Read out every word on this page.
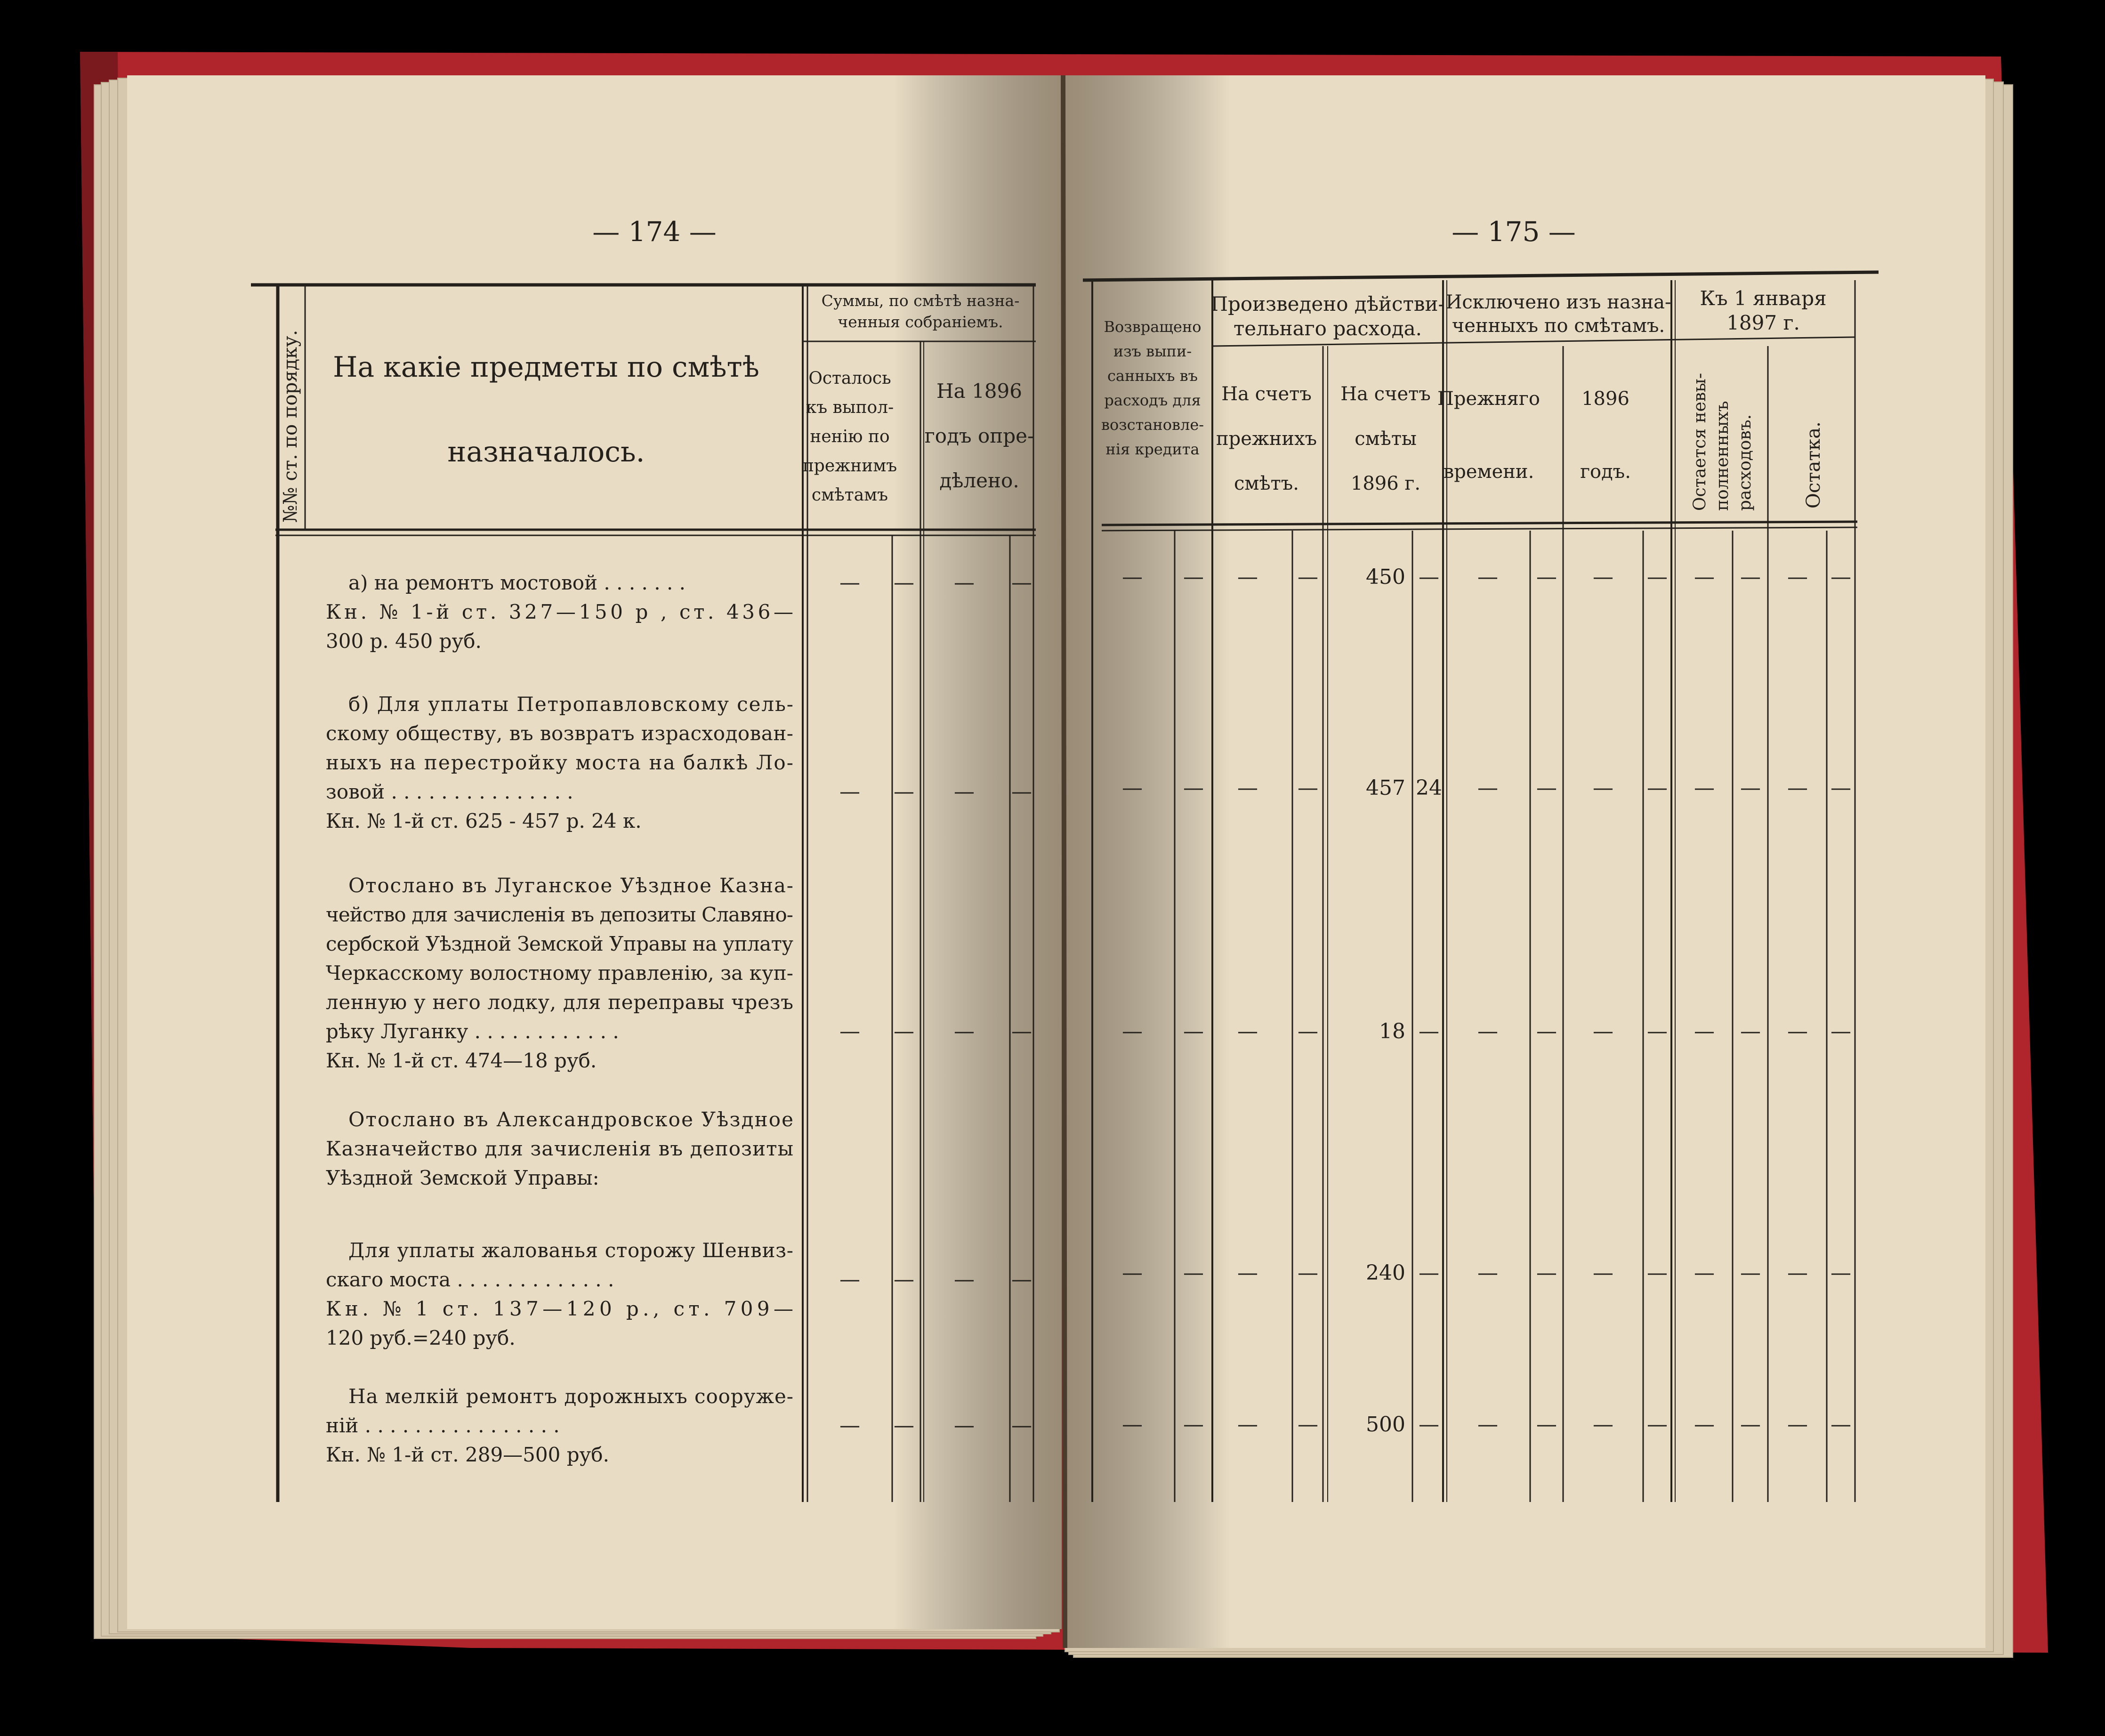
— 174 —
№№ ст. по порядку. На какіе предметы по смѣтѣ
назначалось.
Суммы, по смѣтѣ назна-
ченныя собраніемъ.
Осталось
къ выпол-
ненію по
прежнимъ
смѣтамъ
На 1896
годъ опре-
дѣлено.
а) на ремонтъ мостовой . . . . . . .
Кн. № 1-й ст. 327—150 р , ст. 436—
300 р. 450 руб.
б) Для уплаты Петропавловскому сель-
скому обществу, въ возвратъ израсходован-
ныхъ на перестройку моста на балкѣ Ло-
зовой . . . . . . . . . . . . . . .
Кн. № 1-й ст. 625 - 457 р. 24 к.
Отослано въ Луганское Уѣздное Казна-
чейство для зачисленія въ депозиты Славяно-
сербской Уѣздной Земской Управы на уплату
Черкасскому волостному правленію, за куп-
ленную у него лодку, для переправы чрезъ
рѣку Луганку . . . . . . . . . . . .
Кн. № 1-й ст. 474—18 руб.
Отослано въ Александровское Уѣздное
Казначейство для зачисленія въ депозиты
Уѣздной Земской Управы:
Для уплаты жалованья сторожу Шенвиз-
скаго моста . . . . . . . . . . . . .
Кн. № 1 ст. 137—120 р., ст. 709—
120 руб.=240 руб.
На мелкій ремонтъ дорожныхъ сооруже-
ній . . . . . . . . . . . . . . . .
Кн. № 1-й ст. 289—500 руб.
— — — —
— — — —
— — — —
— — — —
— — — —
— 175 —
Возвращено
изъ выпи-
санныхъ въ
расходъ для
возстановле-
нія кредита
Произведено дѣйстви-
тельнаго расхода.
На счетъ
прежнихъ
смѣтъ.
На счетъ
смѣты
1896 г.
Исключено изъ назна-
ченныхъ по смѣтамъ.
Прежняго
времени.
1896
годъ.
Къ 1 января
1897 г.
Остается невы- полненныхъ расходовъ.	Остатка.
— — — — 450 — — — — — — — — —
— — — — 457 24 — — — — — — — —
— — — —	18 — — — — — — — — —
— — — — 240 — — — — — — — — —
— — — — 500 — — — — — — — — —
